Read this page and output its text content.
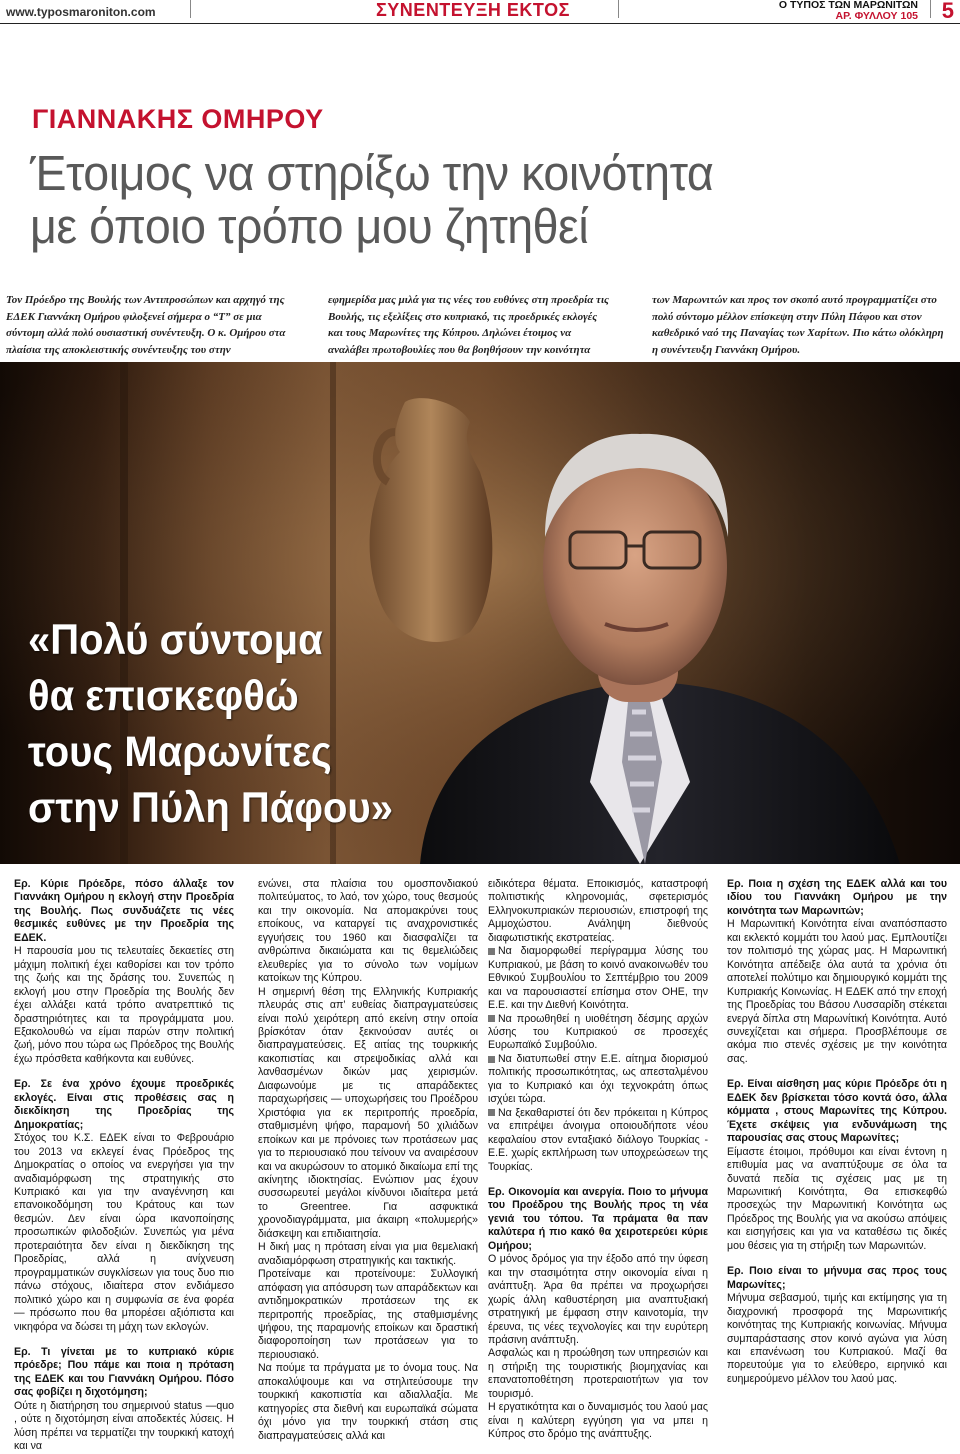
www.typosmaroniton.com	ΣΥΝΕΝΤΕΥΞΗ ΕΚΤΟΣ	Ο ΤΥΠΟΣ ΤΩΝ ΜΑΡΩΝΙΤΩΝ
ΑΡ. ΦΥΛΛΟΥ 105 5
ΓΙΑΝΝΑΚΗΣ ΟΜΗΡΟΥ
Έτοιμος να στηρίξω την κοινότητα
με όποιο τρόπο μου ζητηθεί
Τον Πρόεδρο της Βουλής των Αντιπροσώπων και αρχηγό της ΕΔΕΚ Γιαννάκη Ομήρου φιλοξενεί σήμερα ο “Τ” σε μια σύντομη αλλά πολύ ουσιαστική συνέντευξη. Ο κ. Ομήρου στα πλαίσια της αποκλειστικής συνέντευξης του στην
εφημερίδα μας μιλά για τις νέες του ευθύνες στη προεδρία τις Βουλής, τις εξελίξεις στο κυπριακό, τις προεδρικές εκλογές και τους Μαρωνίτες της Κύπρου. Δηλώνει έτοιμος να αναλάβει πρωτοβουλίες που θα βοηθήσουν την κοινότητα
των Μαρωνιτών και προς τον σκοπό αυτό προγραμματίζει στο πολύ σύντομο μέλλον επίσκεψη στην Πύλη Πάφου και στον καθεδρικό ναό της Παναγίας των Χαρίτων. Πιο κάτω ολόκληρη η συνέντευξη Γιαννάκη Ομήρου.
«Πολύ σύντομα
θα επισκεφθώ
τους Μαρωνίτες
στην Πύλη Πάφου»

Ερ. Κύριε Πρόεδρε, πόσο άλλαξε τον Γιαννάκη Ομήρου η εκλογή στην Προεδρία της Βουλής. Πως συνδυάζετε τις νέες θεσμικές ευθύνες με την Προεδρία της ΕΔΕΚ.

Η παρουσία μου τις τελευταίες δεκαετίες στη μάχιμη πολιτική έχει καθορίσει και τον τρόπο της ζωής και της δράσης του. Συνεπώς η εκλογή μου στην Προεδρία της Βουλής δεν έχει αλλάξει κατά τρόπο ανατρεπτικό τις δραστηριότητες και τα προγράμματα μου. Εξακολουθώ να είμαι παρών στην πολιτική ζωή, μόνο που τώρα ως Πρόεδρος της Βουλής έχω πρόσθετα καθήκοντα και ευθύνες.

Ερ. Σε ένα χρόνο έχουμε προεδρικές εκλογές. Είναι στις προθέσεις σας η διεκδίκηση της Προεδρίας της Δημοκρατίας;

Στόχος του Κ.Σ. ΕΔΕΚ είναι το Φεβρουάριο του 2013 να εκλεγεί ένας Πρόεδρος της Δημοκρατίας ο οποίος να ενεργήσει για την αναδιαμόρφωση της στρατηγικής στο Κυπριακό και για την αναγέννηση και επανοικοδόμηση του Κράτους και των θεσμών. Δεν είναι ώρα ικανοποίησης προσωπικών φιλοδοξιών. Συνεπώς για μένα προτεραιότητα δεν είναι η διεκδίκηση της Προεδρίας, αλλά η ανίχνευση προγραμματικών συγκλίσεων για τους δυο πιο πάνω στόχους, ιδιαίτερα στον ενδιάμεσο πολιτικό χώρο και η συμφωνία σε ένα φορέα — πρόσωπο που θα μπορέσει αξιόπιστα και νικηφόρα να δώσει τη μάχη των εκλογών.

Ερ. Τι γίνεται με το κυπριακό κύριε πρόεδρε; Που πάμε και ποια η πρόταση της ΕΔΕΚ και του Γιαννάκη Ομήρου. Πόσο σας φοβίζει η διχοτόμηση;

Ούτε η διατήρηση του σημερινού status —quo , ούτε η διχοτόμηση είναι αποδεκτές λύσεις. Η λύση πρέπει να τερματίζει την τουρκική κατοχή και να

ενώνει, στα πλαίσια του ομοσπονδιακού πολιτεύματος, το λαό, τον χώρο, τους θεσμούς και την οικονομία. Να απομακρύνει τους εποίκους, να καταργεί τις αναχρονιστικές εγγυήσεις του 1960 και διασφαλίζει τα ανθρώπινα δικαιώματα και τις θεμελιώδεις ελευθερίες για το σύνολο των νομίμων κατοίκων της Κύπρου.

Η σημερινή θέση της Ελληνικής Κυπριακής πλευράς στις απ’ ευθείας διαπραγματεύσεις είναι πολύ χειρότερη από εκείνη στην οποία βρίσκόταν όταν ξεκινούσαν αυτές οι διαπραγματεύσεις. Εξ αιτίας της τουρκικής κακοπιστίας και στρεψοδικίας αλλά και λανθασμένων δικών μας χειρισμών. Διαφωνούμε με τις απαράδεκτες παραχωρήσεις — υποχωρήσεις του Προέδρου Χριστόφια για εκ περιτροπής προεδρία, σταθμισμένη ψήφο, παραμονή 50 χιλιάδων εποίκων και με πρόνοιες των προτάσεων μας για το περιουσιακό που τείνουν να αναιρέσουν και να ακυρώσουν το ατομικό δικαίωμα επί της ακίνητης ιδιοκτησίας. Ενώπιον μας έχουν συσσωρευτεί μεγάλοι κίνδυνοι ιδιαίτερα μετά το Greentree. Για ασφυκτικά χρονοδιαγράμματα, μια άκαιρη «πολυμερής» διάσκεψη και επιδιαιτησία.

Η δική μας η πρόταση είναι για μια θεμελιακή αναδιαμόρφωση στρατηγικής και τακτικής.

Προτείναμε και προτείνουμε: Συλλογική απόφαση για απόσυρση των απαράδεκτων και αντιδημοκρατικών προτάσεων της εκ περιτροπής προεδρίας, της σταθμισμένης ψήφου, της παραμονής εποίκων και δραστική διαφοροποίηση των προτάσεων για το περιουσιακό.

Να πούμε τα πράγματα με το όνομα τους. Να αποκαλύψουμε και να στηλιτεύσουμε την τουρκική κακοπιστία και αδιαλλαξία. Με κατηγορίες στα διεθνή και ευρωπαϊκά σώματα όχι μόνο για την τουρκική στάση στις διαπραγματεύσεις αλλά και

ειδικότερα θέματα. Εποικισμός, καταστροφή πολιτιστικής κληρονομιάς, σφετερισμός Ελληνοκυπριακών περιουσιών, επιστροφή της Αμμοχώστου. Ανάληψη διεθνούς διαφωτιστικής εκστρατείας.

Να διαμορφωθεί περίγραμμα λύσης του Κυπριακού, με βάση το κοινό ανακοινωθέν του Εθνικού Συμβουλίου το Σεπτέμβριο του 2009 και να παρουσιαστεί επίσημα στον ΟΗΕ, την Ε.Ε. και την Διεθνή Κοινότητα.

Να προωθηθεί η υιοθέτηση δέσμης αρχών λύσης του Κυπριακού σε προσεχές Ευρωπαϊκό Συμβούλιο.

Να διατυπωθεί στην Ε.Ε. αίτημα διορισμού πολιτικής προσωπικότητας, ως απεσταλμένου για το Κυπριακό και όχι τεχνοκράτη όπως ισχύει τώρα.

Να ξεκαθαριστεί ότι δεν πρόκειται η Κύπρος να επιτρέψει άνοιγμα οποιουδήποτε νέου κεφαλαίου στον ενταξιακό διάλογο Τουρκίας - Ε.Ε. χωρίς εκπλήρωση των υποχρεώσεων της Τουρκίας.

Ερ. Οικονομία και ανεργία. Ποιο το μήνυμα του Προέδρου της Βουλής προς τη νέα γενιά του τόπου. Τα πράματα θα παν καλύτερα ή πιο κακό θα χειροτερεύει κύριε Ομήρου;

Ο μόνος δρόμος για την έξοδο από την ύφεση και την στασιμότητα στην οικονομία είναι η ανάπτυξη. Άρα θα πρέπει να προχωρήσει χωρίς άλλη καθυστέρηση μια αναπτυξιακή στρατηγική με έμφαση στην καινοτομία, την έρευνα, τις νέες τεχνολογίες και την ευρύτερη πράσινη ανάπτυξη.

Ασφαλώς και η προώθηση των υπηρεσιών και η στήριξη της τουριστικής βιομηχανίας και επανατοποθέτηση προτεραιοτήτων για τον τουρισμό.

Η εργατικότητα και ο δυναμισμός του λαού μας είναι η καλύτερη εγγύηση για να μπει η Κύπρος στο δρόμο της ανάπτυξης.

Ερ. Ποια η σχέση της ΕΔΕΚ αλλά και του ιδίου του Γιαννάκη Ομήρου με την κοινότητα των Μαρωνιτών;

Η Μαρωνιτική Κοινότητα είναι αναπόσπαστο και εκλεκτό κομμάτι του λαού μας. Εμπλουτίζει τον πολιτισμό της χώρας μας. Η Μαρωνιτική Κοινότητα απέδειξε όλα αυτά τα χρόνια ότι αποτελεί πολύτιμο και δημιουργικό κομμάτι της Κυπριακής Κοινωνίας. Η ΕΔΕΚ από την εποχή της Προεδρίας του Βάσου Λυσσαρίδη στέκεται ενεργά δίπλα στη Μαρωνίτική Κοινότητα. Αυτό συνεχίζεται και σήμερα. Προσβλέπουμε σε ακόμα πιο στενές σχέσεις με την κοινότητα σας.

Ερ. Είναι αίσθηση μας κύριε Πρόεδρε ότι η ΕΔΕΚ δεν βρίσκεται τόσο κοντά όσο, άλλα κόμματα , στους Μαρωνίτες της Κύπρου. Έχετε σκέψεις για ενδυνάμωση της παρουσίας σας στους Μαρωνίτες;

Είμαστε έτοιμοι, πρόθυμοι και είναι έντονη η επιθυμία μας να αναπτύξουμε σε όλα τα δυνατά πεδία τις σχέσεις μας με τη Μαρωνιτική Κοινότητα, Θα επισκεφθώ προσεχώς την Μαρωνιτική Κοινότητα ως Πρόεδρος της Βουλής για να ακούσω απόψεις και εισηγήσεις και για να καταθέσω τις δικές μου θέσεις για τη στήριξη των Μαρωνιτών.

Ερ. Ποιο είναι το μήνυμα σας προς τους Μαρωνίτες;

Μήνυμα σεβασμού, τιμής και εκτίμησης για τη διαχρονική προσφορά της Μαρωνιτικής κοινότητας της Κυπριακής κοινωνίας. Μήνυμα συμπαράστασης στον κοινό αγώνα για λύση και επανένωση του Κυπριακού. Μαζί θα πορευτούμε για το ελεύθερο, ειρηνικό και ευημερούμενο μέλλον του λαού μας.
